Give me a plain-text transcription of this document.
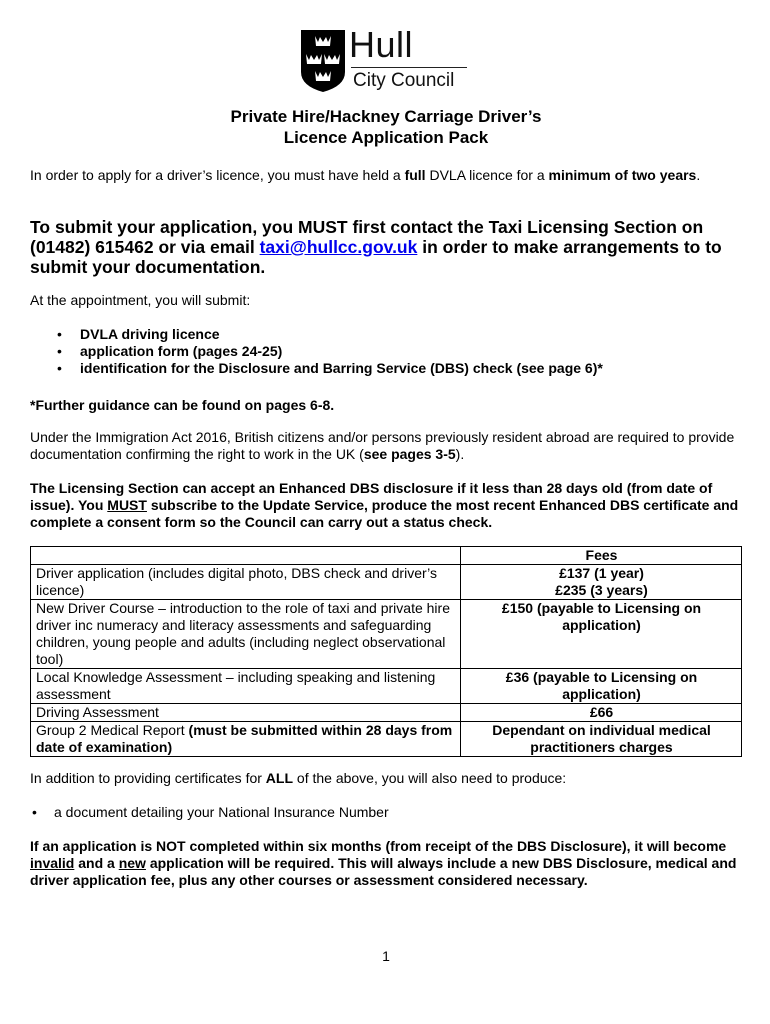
Hull
City Council
Private Hire/Hackney Carriage Driver’s
Licence Application Pack
In order to apply for a driver’s licence, you must have held a full DVLA licence for a minimum of two years.
To submit your application, you MUST first contact the Taxi Licensing Section on (01482) 615462 or via email taxi@hullcc.gov.uk in order to make arrangements to to submit your documentation.
At the appointment, you will submit:
• DVLA driving licence
• application form (pages 24-25)
• identification for the Disclosure and Barring Service (DBS) check (see page 6)*
*Further guidance can be found on pages 6-8.
Under the Immigration Act 2016, British citizens and/or persons previously resident abroad are required to provide documentation confirming the right to work in the UK (see pages 3-5).
The Licensing Section can accept an Enhanced DBS disclosure if it less than 28 days old (from date of issue). You MUST subscribe to the Update Service, produce the most recent Enhanced DBS certificate and complete a consent form so the Council can carry out a status check.
	Fees
Driver application (includes digital photo, DBS check and driver’s licence)	£137 (1 year)
£235 (3 years)

New Driver Course – introduction to the role of taxi and private hire driver inc numeracy and literacy assessments and safeguarding children, young people and adults (including neglect observational tool)	£150 (payable to Licensing on application)
Local Knowledge Assessment – including speaking and listening assessment	£36 (payable to Licensing on application)
Driving Assessment	£66
Group 2 Medical Report (must be submitted within 28 days from date of examination)	Dependant on individual medical practitioners charges
In addition to providing certificates for ALL of the above, you will also need to produce:
• a document detailing your National Insurance Number
If an application is NOT completed within six months (from receipt of the DBS Disclosure), it will become invalid and a new application will be required. This will always include a new DBS Disclosure, medical and driver application fee, plus any other courses or assessment considered necessary.
1
